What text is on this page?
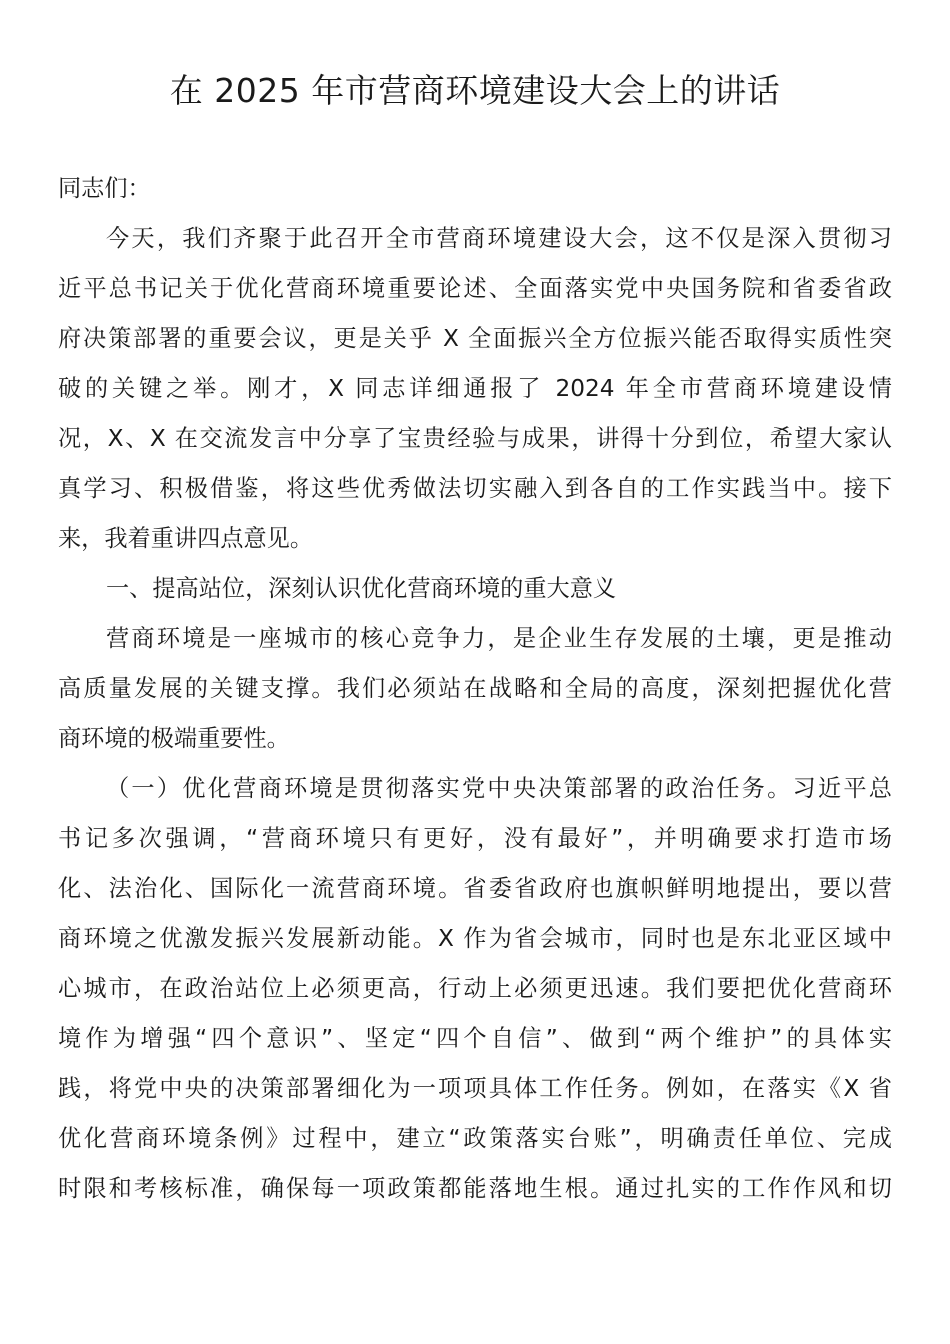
在 2025 年市营商环境建设大会上的讲话
同志们：
今天，我们齐聚于此召开全市营商环境建设大会，这不仅是深入贯彻习
近平总书记关于优化营商环境重要论述、全面落实党中央国务院和省委省政
府决策部署的重要会议，更是关乎 X 全面振兴全方位振兴能否取得实质性突
破的关键之举。刚才，X 同志详细通报了 2024 年全市营商环境建设情
况，X、X 在交流发言中分享了宝贵经验与成果，讲得十分到位，希望大家认
真学习、积极借鉴，将这些优秀做法切实融入到各自的工作实践当中。接下
来，我着重讲四点意见。
一、提高站位，深刻认识优化营商环境的重大意义
营商环境是一座城市的核心竞争力，是企业生存发展的土壤，更是推动
高质量发展的关键支撑。我们必须站在战略和全局的高度，深刻把握优化营
商环境的极端重要性。
（一）优化营商环境是贯彻落实党中央决策部署的政治任务。习近平总
书记多次强调，“营商环境只有更好，没有最好”，并明确要求打造市场
化、法治化、国际化一流营商环境。省委省政府也旗帜鲜明地提出，要以营
商环境之优激发振兴发展新动能。X 作为省会城市，同时也是东北亚区域中
心城市，在政治站位上必须更高，行动上必须更迅速。我们要把优化营商环
境作为增强“四个意识”、坚定“四个自信”、做到“两个维护”的具体实
践，将党中央的决策部署细化为一项项具体工作任务。例如，在落实《X 省
优化营商环境条例》过程中，建立“政策落实台账”，明确责任单位、完成
时限和考核标准，确保每一项政策都能落地生根。通过扎实的工作作风和切
